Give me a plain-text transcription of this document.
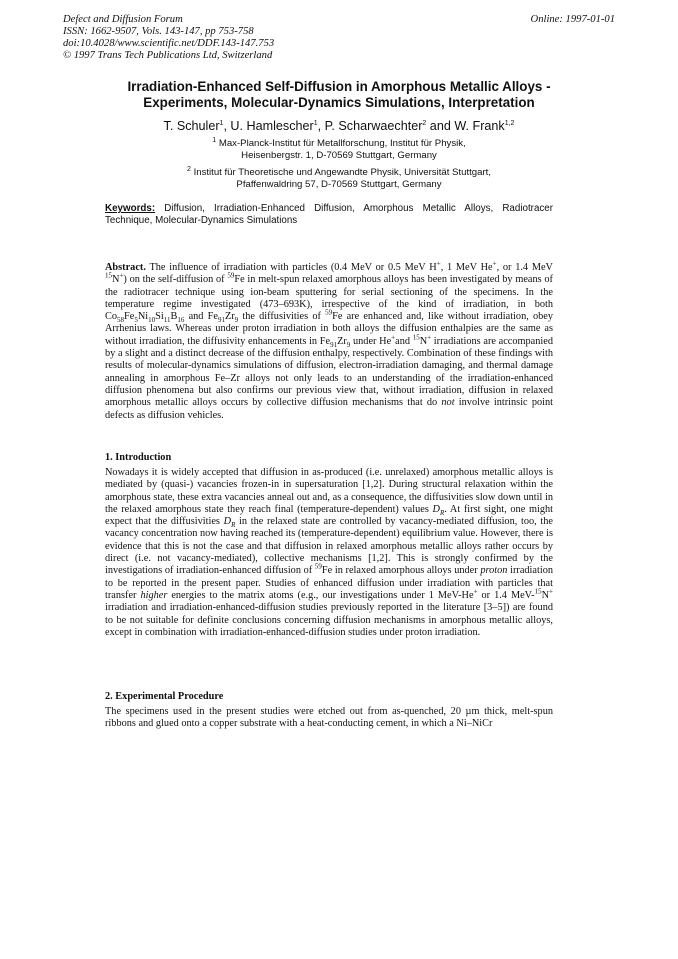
Defect and Diffusion Forum
ISSN: 1662-9507, Vols. 143-147, pp 753-758
doi:10.4028/www.scientific.net/DDF.143-147.753
© 1997 Trans Tech Publications Ltd, Switzerland
Online: 1997-01-01
Irradiation-Enhanced Self-Diffusion in Amorphous Metallic Alloys -
Experiments, Molecular-Dynamics Simulations, Interpretation
T. Schuler$^1$, U. Hamlescher$^1$, P. Scharwaechter$^2$ and W. Frank$^{1,2}$
$^1$ Max-Planck-Institut für Metallforschung, Institut für Physik,
Heisenbergstr. 1, D-70569 Stuttgart, Germany
$^2$ Institut für Theoretische und Angewandte Physik, Universität Stuttgart,
Pfaffenwaldring 57, D-70569 Stuttgart, Germany
Keywords: Diffusion, Irradiation-Enhanced Diffusion, Amorphous Metallic Alloys, Radiotracer Technique, Molecular-Dynamics Simulations
Abstract. The influence of irradiation with particles (0.4 MeV or 0.5 MeV H+, 1 MeV He+, or 1.4 MeV $^{15}$N+) on the self-diffusion of $^{59}$Fe in melt-spun relaxed amorphous alloys has been investigated by means of the radiotracer technique using ion-beam sputtering for serial sectioning of the specimens. In the temperature regime investigated (473–693K), irrespective of the kind of irradiation, in both $Co_{58}Fe_5Ni_{10}Si_{11}B_{16}$ and $Fe_{91}Zr_9$ the diffusivities of $^{59}$Fe are enhanced and, like without irradiation, obey Arrhenius laws. Whereas under proton irradiation in both alloys the diffusion enthalpies are the same as without irradiation, the diffusivity enhancements in $Fe_{91}Zr_9$ under He+and $^{15}$N+ irradiations are accompanied by a slight and a distinct decrease of the diffusion enthalpy, respectively. Combination of these findings with results of molecular-dynamics simulations of diffusion, electron-irradiation damaging, and thermal damage annealing in amorphous Fe–Zr alloys not only leads to an understanding of the irradiation-enhanced diffusion phenomena but also confirms our previous view that, without irradiation, diffusion in relaxed amorphous metallic alloys occurs by collective diffusion mechanisms that do not involve intrinsic point defects as diffusion vehicles.
1. Introduction
Nowadays it is widely accepted that diffusion in as-produced (i.e. unrelaxed) amorphous metallic alloys is mediated by (quasi-) vacancies frozen-in in supersaturation [1,2]. During structural relaxation within the amorphous state, these extra vacancies anneal out and, as a consequence, the diffusivities slow down until in the relaxed amorphous state they reach final (temperature-dependent) values $D_R$. At first sight, one might expect that the diffusivities $D_R$ in the relaxed state are controlled by vacancy-mediated diffusion, too, the vacancy concentration now having reached its (temperature-dependent) equilibrium value. However, there is evidence that this is not the case and that diffusion in relaxed amorphous metallic alloys rather occurs by direct (i.e. not vacancy-mediated), collective mechanisms [1,2]. This is strongly confirmed by the investigations of irradiation-enhanced diffusion of $^{59}$Fe in relaxed amorphous alloys under proton irradiation to be reported in the present paper. Studies of enhanced diffusion under irradiation with particles that transfer higher energies to the matrix atoms (e.g., our investigations under 1 MeV-He+ or 1.4 MeV-$^{15}$N+ irradiation and irradiation-enhanced-diffusion studies previously reported in the literature [3–5]) are found to be not suitable for definite conclusions concerning diffusion mechanisms in amorphous metallic alloys, except in combination with irradiation-enhanced-diffusion studies under proton irradiation.
2. Experimental Procedure
The specimens used in the present studies were etched out from as-quenched, 20 µm thick, melt-spun ribbons and glued onto a copper substrate with a heat-conducting cement, in which a Ni–NiCr
